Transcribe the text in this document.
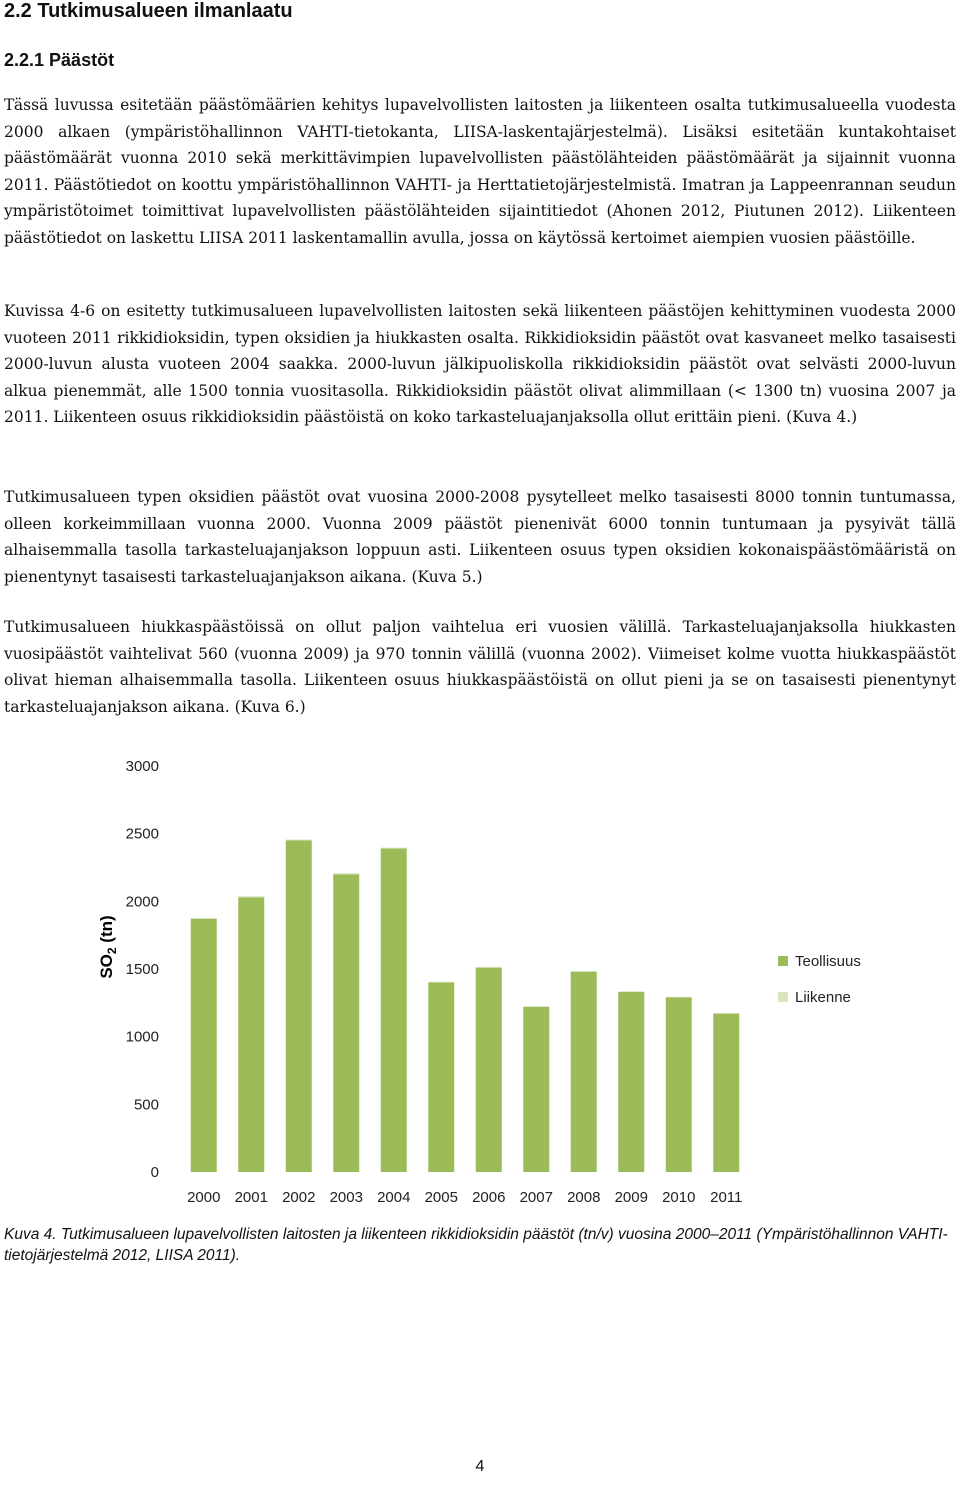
2.2 Tutkimusalueen ilmanlaatu
2.2.1 Päästöt

Tässä luvussa esitetään päästömäärien kehitys lupavelvollisten laitosten ja liikenteen osalta tutkimusalueella vuodesta 2000 alkaen (ympäristöhallinnon VAHTI-tietokanta, LIISA-laskentajärjestelmä). Lisäksi esitetään kuntakohtaiset päästömäärät vuonna 2010 sekä merkittävimpien lupavelvollisten päästölähteiden päästömäärät ja sijainnit vuonna 2011. Päästötiedot on koottu ympäristöhallinnon VAHTI- ja Herttatietojärjestelmistä. Imatran ja Lappeenrannan seudun ympäristötoimet toimittivat lupavelvollisten päästölähteiden sijaintitiedot (Ahonen 2012, Piutunen 2012). Liikenteen päästötiedot on laskettu LIISA 2011 laskentamallin avulla, jossa on käytössä kertoimet aiempien vuosien päästöille.

Kuvissa 4-6 on esitetty tutkimusalueen lupavelvollisten laitosten sekä liikenteen päästöjen kehittyminen vuodesta 2000 vuoteen 2011 rikkidioksidin, typen oksidien ja hiukkasten osalta. Rikkidioksidin päästöt ovat kasvaneet melko tasaisesti 2000-luvun alusta vuoteen 2004 saakka. 2000-luvun jälkipuoliskolla rikkidioksidin päästöt ovat selvästi 2000-luvun alkua pienemmät, alle 1500 tonnia vuositasolla. Rikkidioksidin päästöt olivat alimmillaan (< 1300 tn) vuosina 2007 ja 2011. Liikenteen osuus rikkidioksidin päästöistä on koko tarkasteluajanjaksolla ollut erittäin pieni. (Kuva 4.)

Tutkimusalueen typen oksidien päästöt ovat vuosina 2000-2008 pysytelleet melko tasaisesti 8000 tonnin tuntumassa, olleen korkeimmillaan vuonna 2000. Vuonna 2009 päästöt pienenivät 6000 tonnin tuntumaan ja pysyivät tällä alhaisemmalla tasolla tarkasteluajanjakson loppuun asti. Liikenteen osuus typen oksidien kokonaispäästömääristä on pienentynyt tasaisesti tarkasteluajanjakson aikana. (Kuva 5.)

Tutkimusalueen hiukkaspäästöissä on ollut paljon vaihtelua eri vuosien välillä. Tarkasteluajanjaksolla hiukkasten vuosipäästöt vaihtelivat 560 (vuonna 2009) ja 970 tonnin välillä (vuonna 2002). Viimeiset kolme vuotta hiukkaspäästöt olivat hieman alhaisemmalla tasolla. Liikenteen osuus hiukkaspäästöistä on ollut pieni ja se on tasaisesti pienentynyt tarkasteluajanjakson aikana. (Kuva 6.)

$SO_2$ (tn)
0
500
1000
1500
2000
2500
3000
2000 2001 2002 2003 2004 2005 2006 2007 2008 2009 2010 2011
Teollisuus
Liikenne

Kuva 4. Tutkimusalueen lupavelvollisten laitosten ja liikenteen rikkidioksidin päästöt (tn/v) vuosina 2000–2011 (Ympäristöhallinnon VAHTI-tietojärjestelmä 2012, LIISA 2011).

4
